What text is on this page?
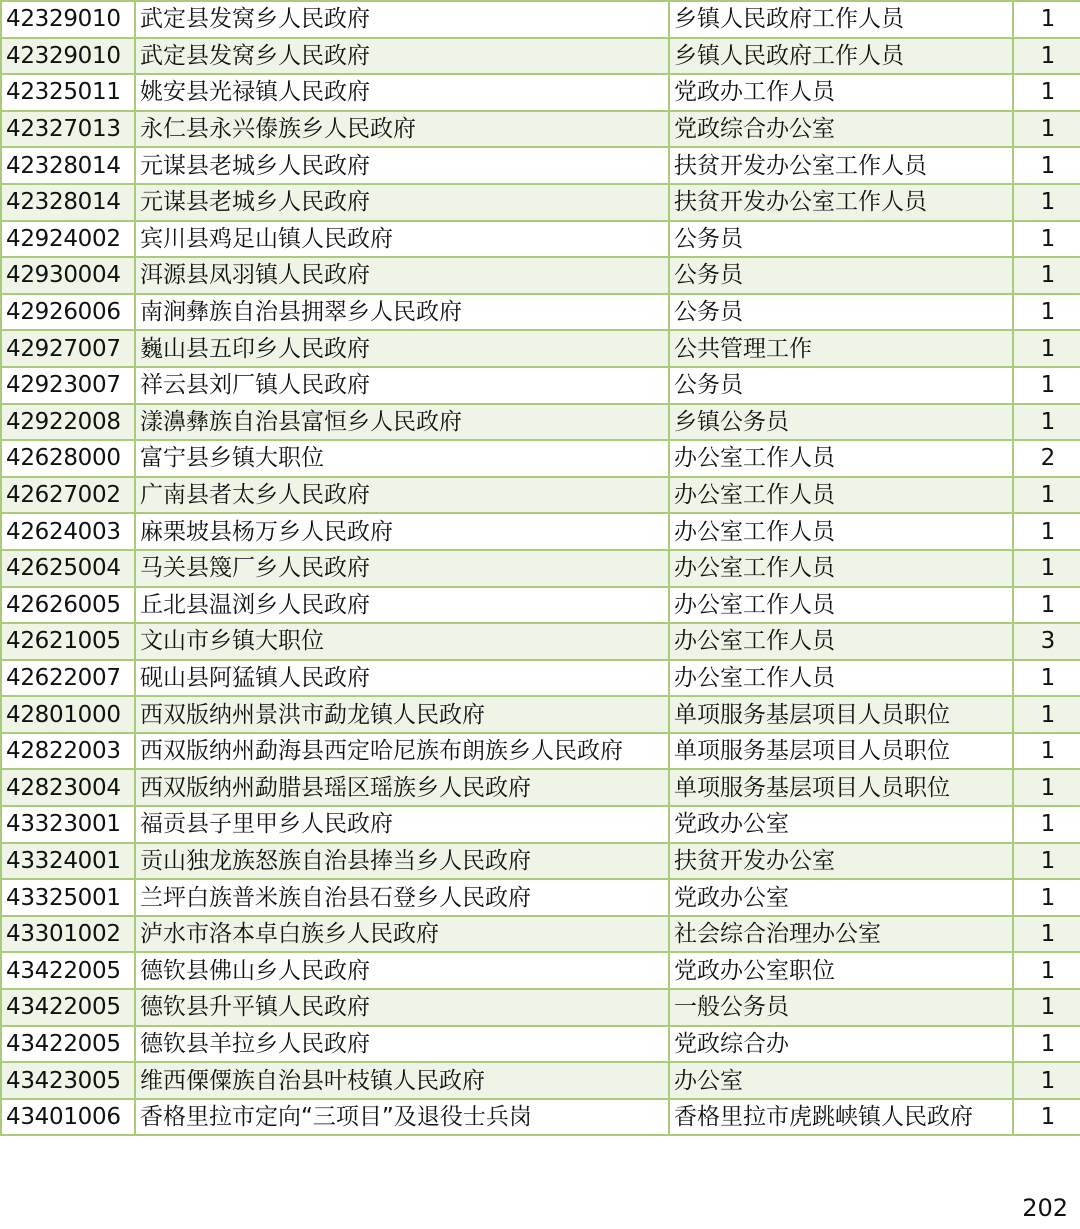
42329010	武定县发窝乡人民政府	乡镇人民政府工作人员	1
42329010	武定县发窝乡人民政府	乡镇人民政府工作人员	1
42325011	姚安县光禄镇人民政府	党政办工作人员	1
42327013	永仁县永兴傣族乡人民政府	党政综合办公室	1
42328014	元谋县老城乡人民政府	扶贫开发办公室工作人员	1
42328014	元谋县老城乡人民政府	扶贫开发办公室工作人员	1
42924002	宾川县鸡足山镇人民政府	公务员	1
42930004	洱源县凤羽镇人民政府	公务员	1
42926006	南涧彝族自治县拥翠乡人民政府	公务员	1
42927007	巍山县五印乡人民政府	公共管理工作	1
42923007	祥云县刘厂镇人民政府	公务员	1
42922008	漾濞彝族自治县富恒乡人民政府	乡镇公务员	1
42628000	富宁县乡镇大职位	办公室工作人员	2
42627002	广南县者太乡人民政府	办公室工作人员	1
42624003	麻栗坡县杨万乡人民政府	办公室工作人员	1
42625004	马关县篾厂乡人民政府	办公室工作人员	1
42626005	丘北县温浏乡人民政府	办公室工作人员	1
42621005	文山市乡镇大职位	办公室工作人员	3
42622007	砚山县阿猛镇人民政府	办公室工作人员	1
42801000	西双版纳州景洪市勐龙镇人民政府	单项服务基层项目人员职位	1
42822003	西双版纳州勐海县西定哈尼族布朗族乡人民政府	单项服务基层项目人员职位	1
42823004	西双版纳州勐腊县瑶区瑶族乡人民政府	单项服务基层项目人员职位	1
43323001	福贡县子里甲乡人民政府	党政办公室	1
43324001	贡山独龙族怒族自治县捧当乡人民政府	扶贫开发办公室	1
43325001	兰坪白族普米族自治县石登乡人民政府	党政办公室	1
43301002	泸水市洛本卓白族乡人民政府	社会综合治理办公室	1
43422005	德钦县佛山乡人民政府	党政办公室职位	1
43422005	德钦县升平镇人民政府	一般公务员	1
43422005	德钦县羊拉乡人民政府	党政综合办	1
43423005	维西傈僳族自治县叶枝镇人民政府	办公室	1
43401006	香格里拉市定向“三项目”及退役士兵岗	香格里拉市虎跳峡镇人民政府	1
202
